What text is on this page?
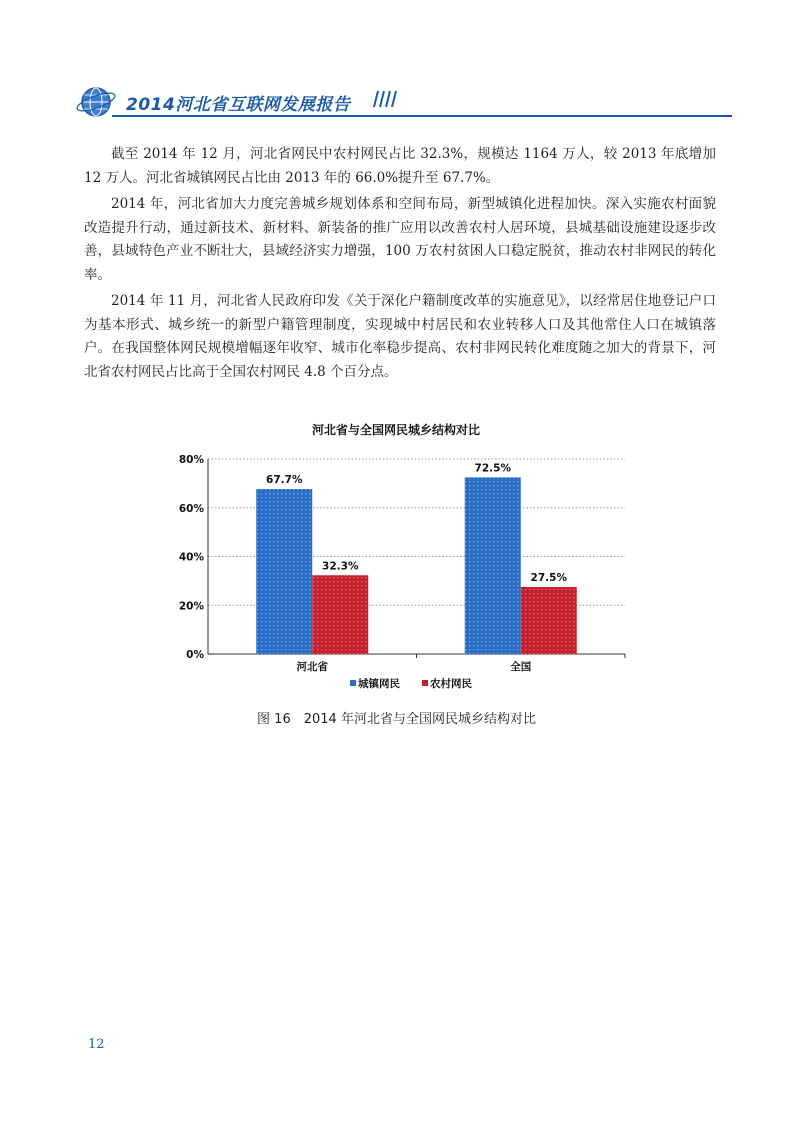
2014河北省互联网发展报告

截至 2014 年 12 月，河北省网民中农村网民占比 32.3%，规模达 1164 万人，较 2013 年底增加 12 万人。河北省城镇网民占比由 2013 年的 66.0%提升至 67.7%。

2014 年，河北省加大力度完善城乡规划体系和空间布局，新型城镇化进程加快。深入实施农村面貌改造提升行动，通过新技术、新材料、新装备的推广应用以改善农村人居环境，县城基础设施建设逐步改善，县域特色产业不断壮大，县域经济实力增强，100 万农村贫困人口稳定脱贫，推动农村非网民的转化率。

2014 年 11 月，河北省人民政府印发《关于深化户籍制度改革的实施意见》，以经常居住地登记户口为基本形式、城乡统一的新型户籍管理制度，实现城中村居民和农业转移人口及其他常住人口在城镇落户。在我国整体网民规模增幅逐年收窄、城市化率稳步提高、农村非网民转化难度随之加大的背景下，河北省农村网民占比高于全国农村网民 4.8 个百分点。

河北省与全国网民城乡结构对比
0%
20%
40%
60%
80%
67.7%
32.3%
河北省
72.5%
27.5%
全国
城镇网民	农村网民
图 16　2014 年河北省与全国网民城乡结构对比
12
